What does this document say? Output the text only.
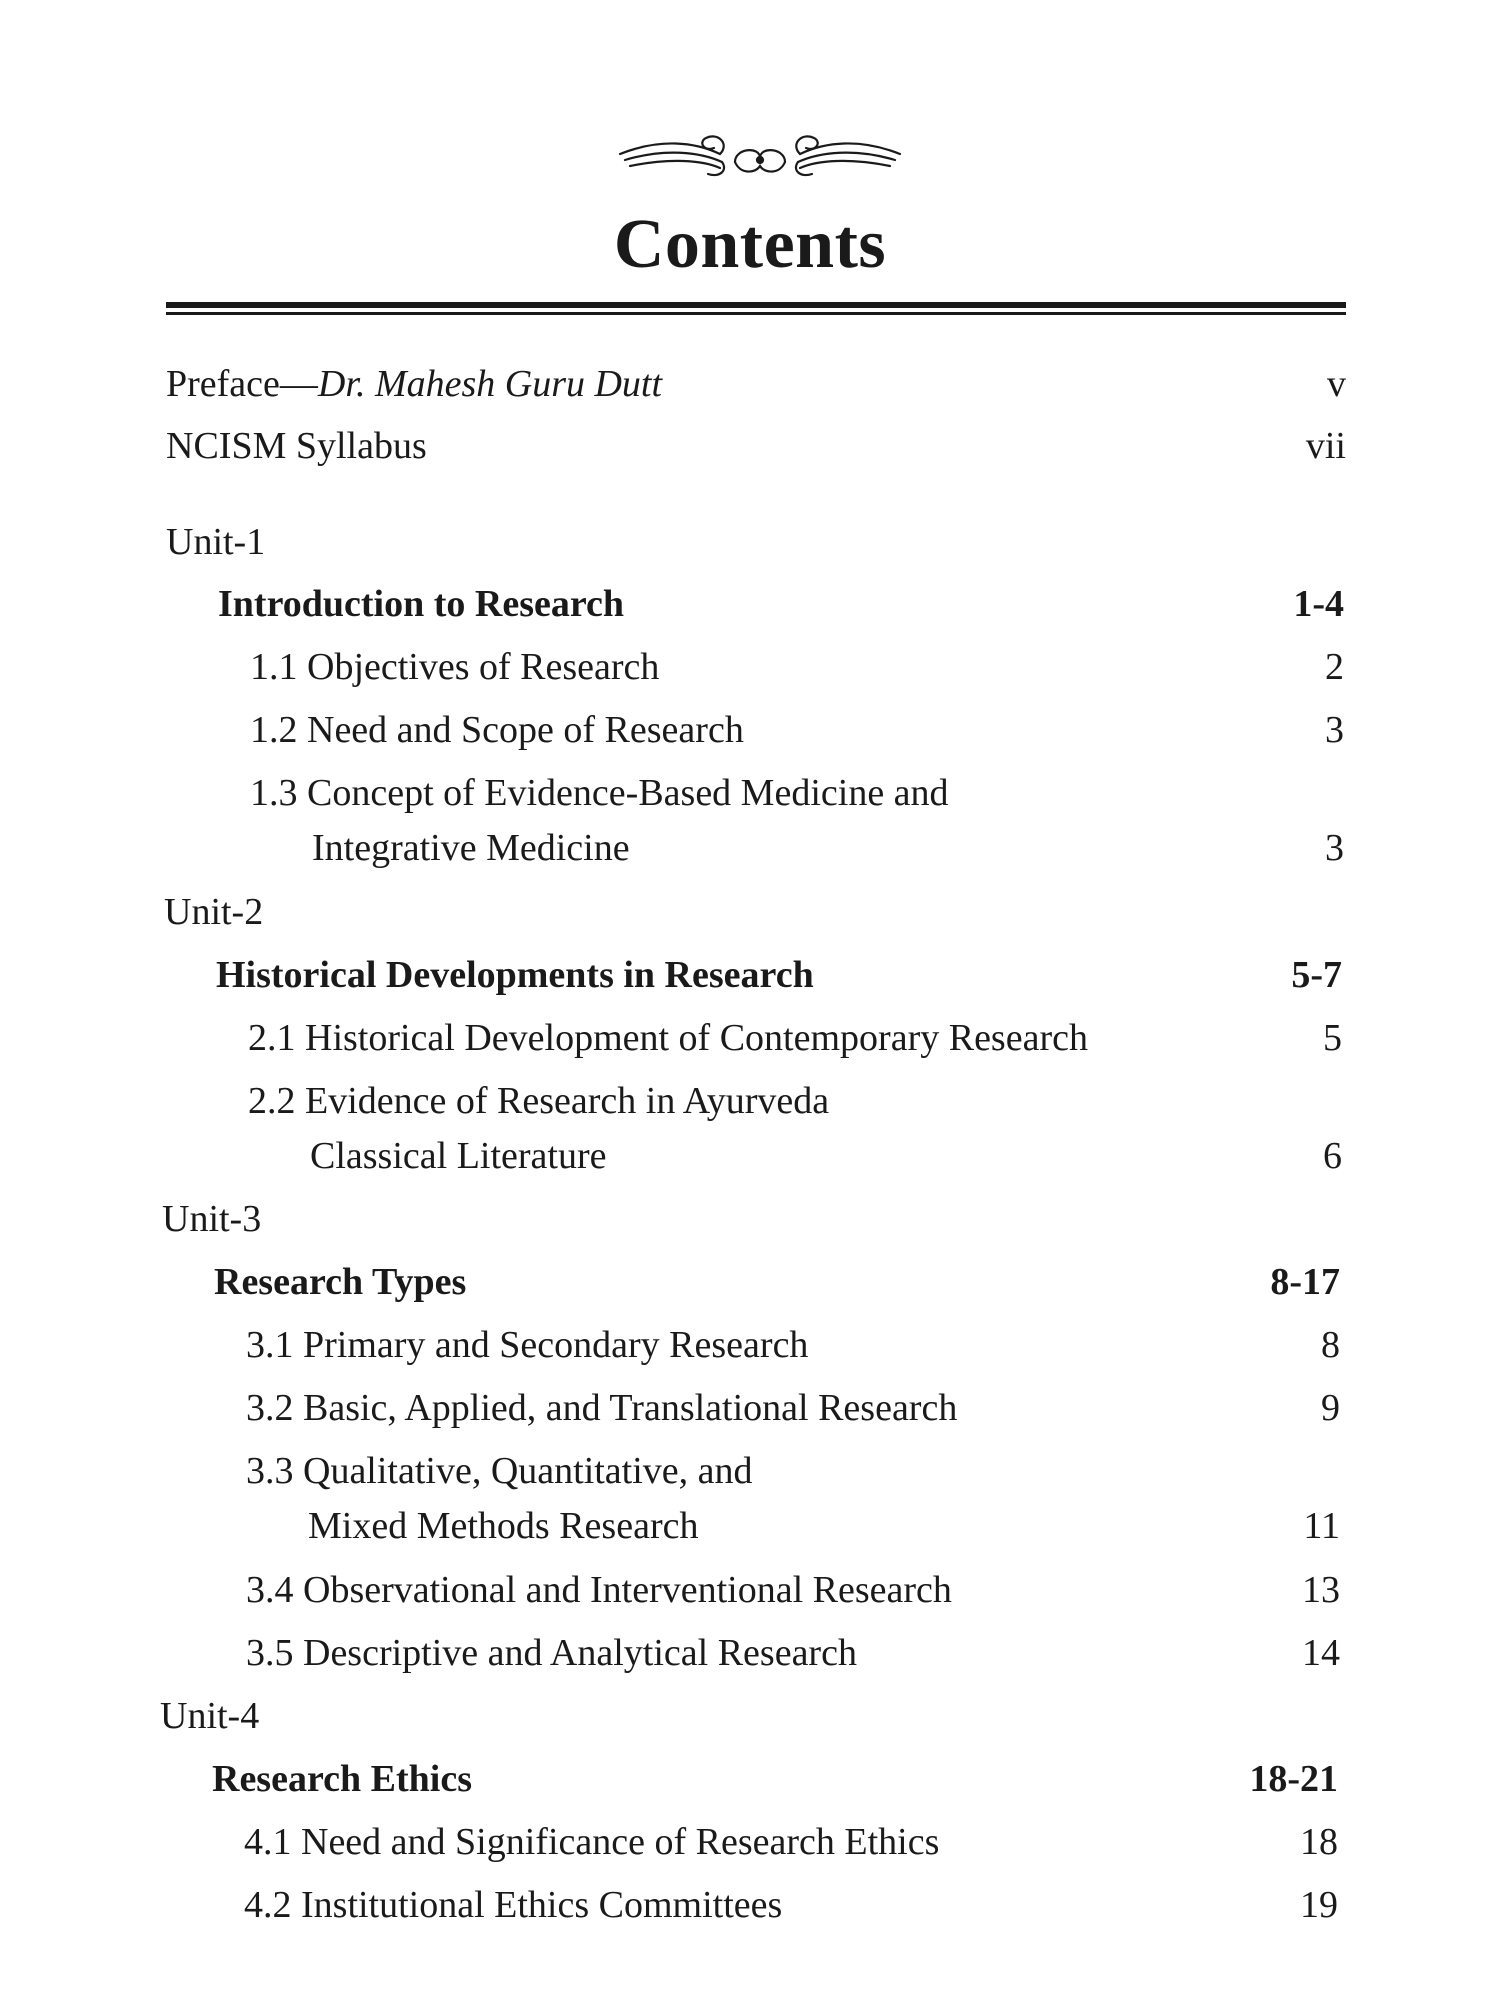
Contents
Preface—Dr. Mahesh Guru Dutt	v
NCISM Syllabus	vii
Unit-1
Introduction to Research	1-4
1.1 Objectives of Research	2
1.2 Need and Scope of Research	3
1.3 Concept of Evidence-Based Medicine and
Integrative Medicine	3
Unit-2
Historical Developments in Research	5-7
2.1 Historical Development of Contemporary Research	5
2.2 Evidence of Research in Ayurveda
Classical Literature	6
Unit-3
Research Types	8-17
3.1 Primary and Secondary Research	8
3.2 Basic, Applied, and Translational Research	9
3.3 Qualitative, Quantitative, and
Mixed Methods Research	11
3.4 Observational and Interventional Research	13
3.5 Descriptive and Analytical Research	14
Unit-4
Research Ethics	18-21
4.1 Need and Significance of Research Ethics	18
4.2 Institutional Ethics Committees	19
